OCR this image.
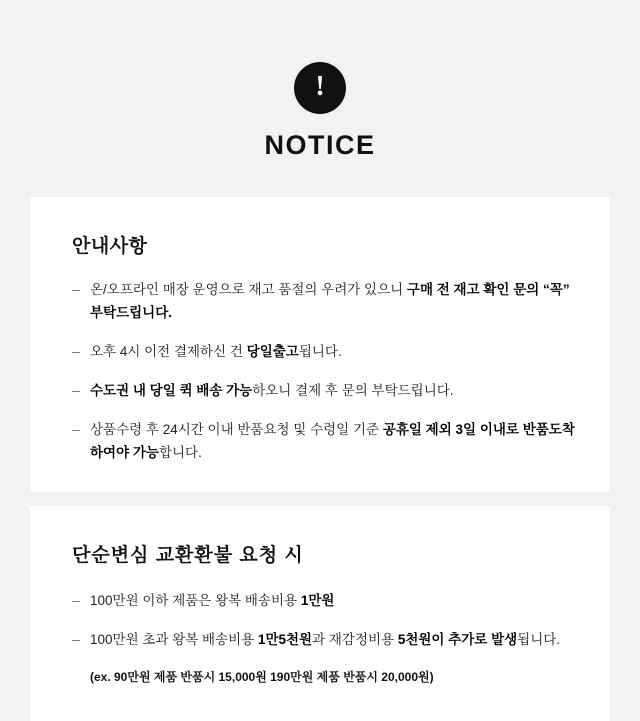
!
NOTICE
안내사항
– 온/오프라인 매장 운영으로 재고 품절의 우려가 있으니 구매 전 재고 확인 문의 “꼭” 부탁드립니다.
– 오후 4시 이전 결제하신 건 당일출고됩니다.
– 수도권 내 당일 퀵 배송 가능하오니 결제 후 문의 부탁드립니다.
– 상품수령 후 24시간 이내 반품요청 및 수령일 기준 공휴일 제외 3일 이내로 반품도착하여야 가능합니다.
단순변심 교환환불 요청 시
– 100만원 이하 제품은 왕복 배송비용 1만원
– 100만원 초과 왕복 배송비용 1만5천원과 재감정비용 5천원이 추가로 발생됩니다.
(ex. 90만원 제품 반품시 15,000원 190만원 제품 반품시 20,000원)
